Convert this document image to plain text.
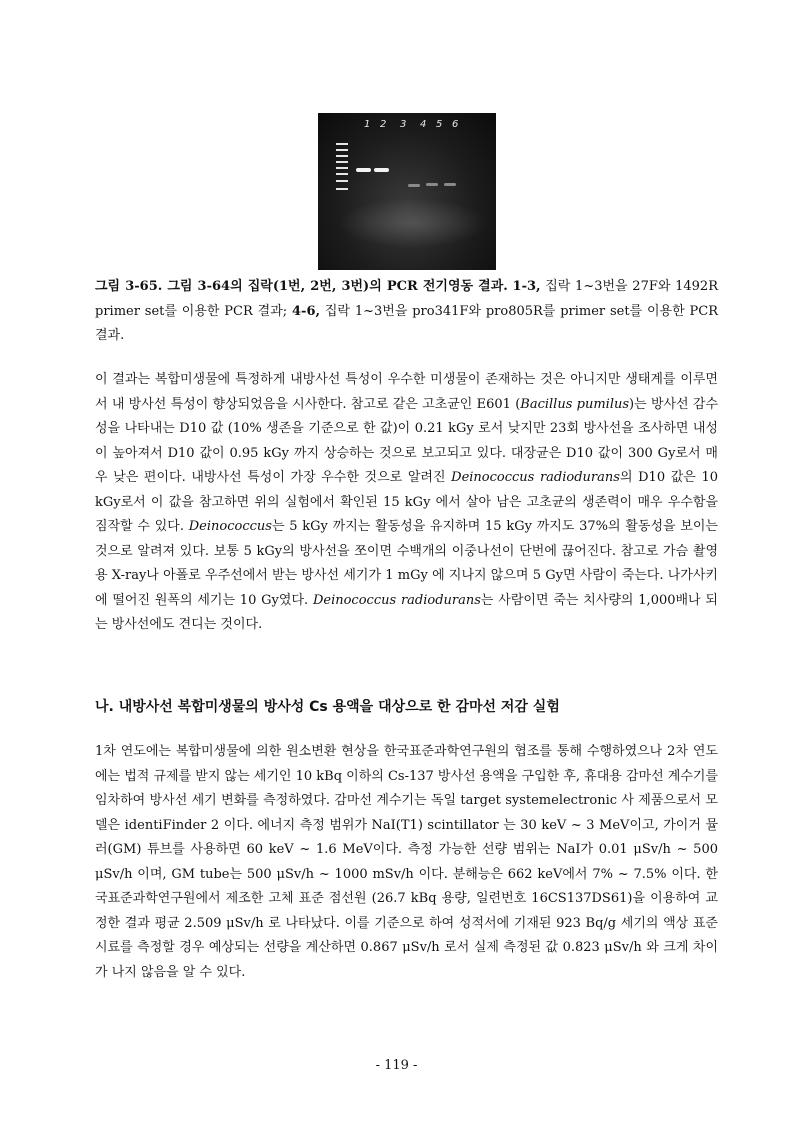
1 2 3 4 5 6
그림 3-65. 그림 3-64의 집락(1번, 2번, 3번)의 PCR 전기영동 결과. 1-3, 집락 1~3번을 27F와 1492R primer set를 이용한 PCR 결과; 4-6, 집락 1~3번을 pro341F와 pro805R를 primer set를 이용한 PCR 결과.
이 결과는 복합미생물에 특정하게 내방사선 특성이 우수한 미생물이 존재하는 것은 아니지만 생태계를 이루면서 내 방사선 특성이 향상되었음을 시사한다. 참고로 같은 고초균인 E601 (Bacillus pumilus)는 방사선 감수성을 나타내는 D10 값 (10% 생존을 기준으로 한 값)이 0.21 kGy 로서 낮지만 23회 방사선을 조사하면 내성이 높아져서 D10 값이 0.95 kGy 까지 상승하는 것으로 보고되고 있다. 대장균은 D10 값이 300 Gy로서 매우 낮은 편이다. 내방사선 특성이 가장 우수한 것으로 알려진 Deinococcus radiodurans의 D10 값은 10 kGy로서 이 값을 참고하면 위의 실험에서 확인된 15 kGy 에서 살아 남은 고초균의 생존력이 매우 우수함을 짐작할 수 있다. Deinococcus는 5 kGy 까지는 활동성을 유지하며 15 kGy 까지도 37%의 활동성을 보이는 것으로 알려져 있다. 보통 5 kGy의 방사선을 쪼이면 수백개의 이중나선이 단번에 끊어진다. 참고로 가슴 촬영용 X-ray나 아폴로 우주선에서 받는 방사선 세기가 1 mGy 에 지나지 않으며 5 Gy면 사람이 죽는다. 나가사키에 떨어진 원폭의 세기는 10 Gy였다. Deinococcus radiodurans는 사람이면 죽는 치사량의 1,000배나 되는 방사선에도 견디는 것이다.
나. 내방사선 복합미생물의 방사성 Cs 용액을 대상으로 한 감마선 저감 실험
1차 연도에는 복합미생물에 의한 원소변환 현상을 한국표준과학연구원의 협조를 통해 수행하였으나 2차 연도에는 법적 규제를 받지 않는 세기인 10 kBq 이하의 Cs-137 방사선 용액을 구입한 후, 휴대용 감마선 계수기를 임차하여 방사선 세기 변화를 측정하였다. 감마선 계수기는 독일 target systemelectronic 사 제품으로서 모델은 identiFinder 2 이다. 에너지 측정 범위가 NaI(T1) scintillator 는 30 keV ~ 3 MeV이고, 가이거 뮬러(GM) 튜브를 사용하면 60 keV ~ 1.6 MeV이다. 측정 가능한 선량 범위는 NaI가 0.01 μSv/h ~ 500 μSv/h 이며, GM tube는 500 μSv/h ~ 1000 mSv/h 이다. 분해능은 662 keV에서 7% ~ 7.5% 이다. 한국표준과학연구원에서 제조한 고체 표준 점선원 (26.7 kBq 용량, 일련번호 16CS137DS61)을 이용하여 교정한 결과 평균 2.509 μSv/h 로 나타났다. 이를 기준으로 하여 성적서에 기재된 923 Bq/g 세기의 액상 표준시료를 측정할 경우 예상되는 선량을 계산하면 0.867 μSv/h 로서 실제 측정된 값 0.823 μSv/h 와 크게 차이가 나지 않음을 알 수 있다.
- 119 -
